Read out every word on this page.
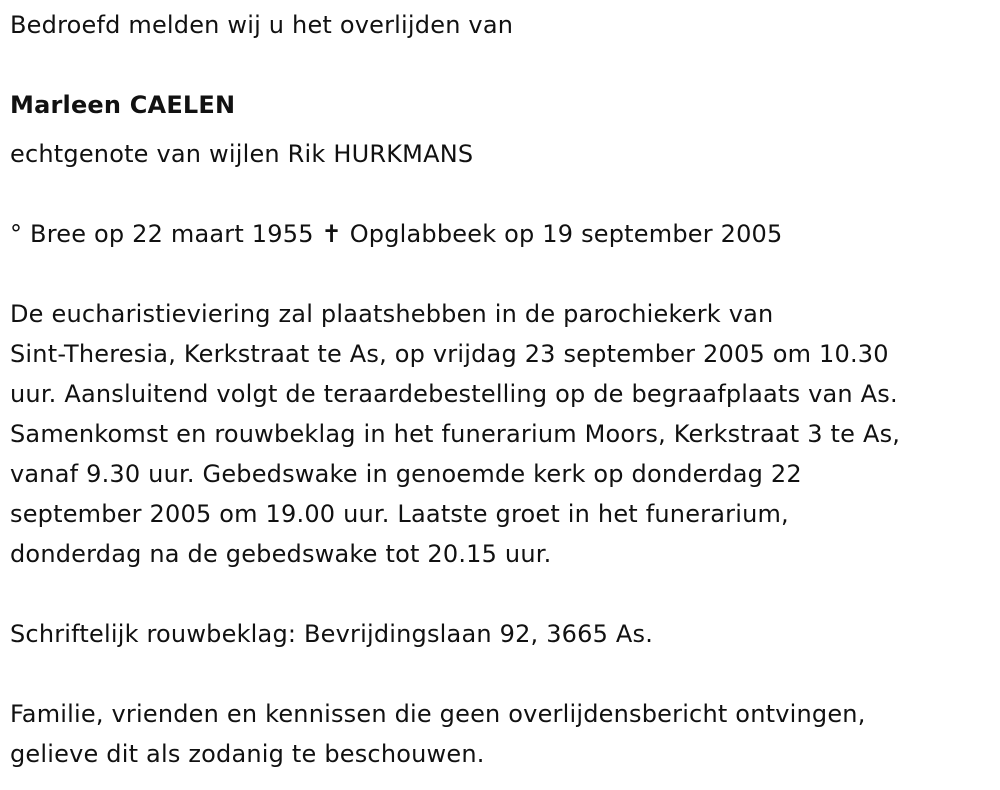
Bedroefd melden wij u het overlijden van
Marleen CAELEN
echtgenote van wijlen Rik HURKMANS
° Bree op 22 maart 1955 ✝ Opglabbeek op 19 september 2005
De eucharistieviering zal plaatshebben in de parochiekerk van
Sint-Theresia, Kerkstraat te As, op vrijdag 23 september 2005 om 10.30
uur. Aansluitend volgt de teraardebestelling op de begraafplaats van As.
Samenkomst en rouwbeklag in het funerarium Moors, Kerkstraat 3 te As,
vanaf 9.30 uur. Gebedswake in genoemde kerk op donderdag 22
september 2005 om 19.00 uur. Laatste groet in het funerarium,
donderdag na de gebedswake tot 20.15 uur.
Schriftelijk rouwbeklag: Bevrijdingslaan 92, 3665 As.
Familie, vrienden en kennissen die geen overlijdensbericht ontvingen,
gelieve dit als zodanig te beschouwen.
